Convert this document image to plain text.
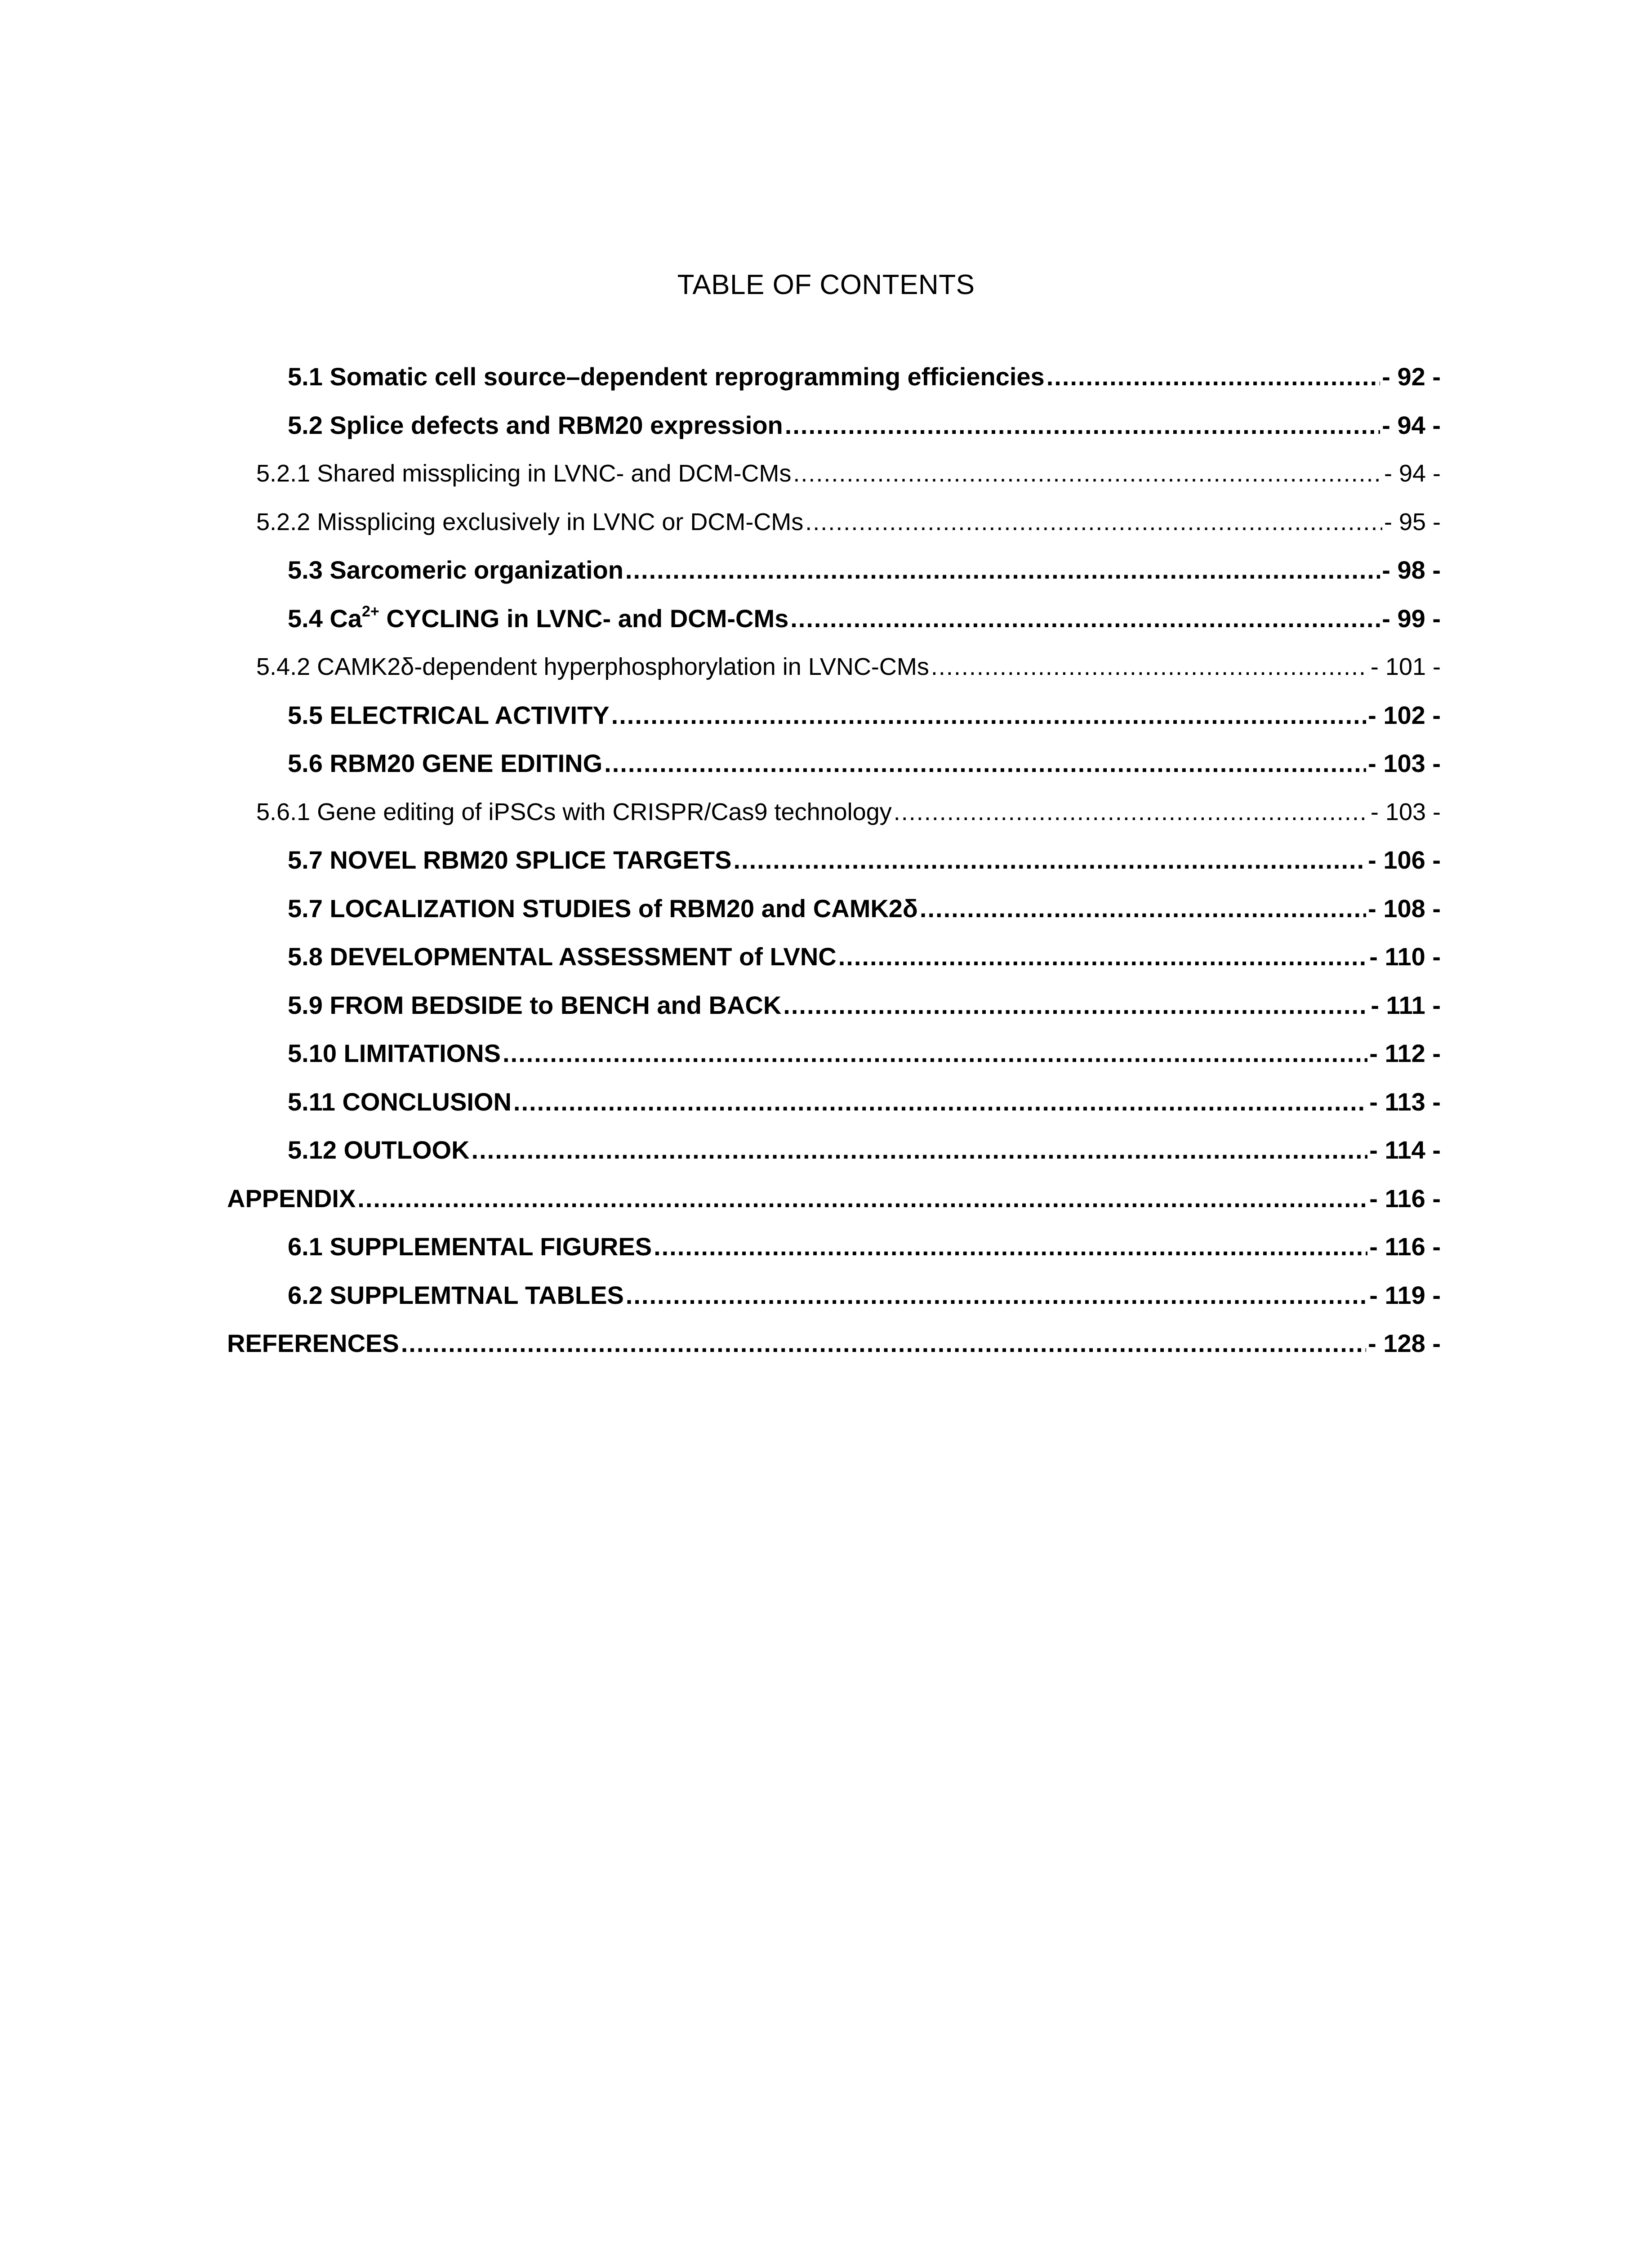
TABLE OF CONTENTS
5.1 Somatic cell source–dependent reprogramming efficiencies .....	- 92 -
5.2 Splice defects and RBM20 expression .....	- 94 -
5.2.1 Shared missplicing in LVNC- and DCM-CMs .....	- 94 -
5.2.2 Missplicing exclusively in LVNC or DCM-CMs .....	- 95 -
5.3 Sarcomeric organization .....	- 98 -
5.4 $Ca^{2+}$ CYCLING in LVNC- and DCM-CMs .....	- 99 -
5.4.2 CAMK2δ-dependent hyperphosphorylation in LVNC-CMs .....	- 101 -
5.5 ELECTRICAL ACTIVITY .....	- 102 -
5.6 RBM20 GENE EDITING .....	- 103 -
5.6.1 Gene editing of iPSCs with CRISPR/Cas9 technology .....	- 103 -
5.7 NOVEL RBM20 SPLICE TARGETS .....	- 106 -
5.7 LOCALIZATION STUDIES of RBM20 and CAMK2δ .....	- 108 -
5.8 DEVELOPMENTAL ASSESSMENT of LVNC .....	- 110 -
5.9 FROM BEDSIDE to BENCH and BACK .....	- 111 -
5.10 LIMITATIONS .....	- 112 -
5.11 CONCLUSION .....	- 113 -
5.12 OUTLOOK .....	- 114 -
APPENDIX .....	- 116 -
6.1 SUPPLEMENTAL FIGURES .....	- 116 -
6.2 SUPPLEMTNAL TABLES .....	- 119 -
REFERENCES .....	- 128 -
